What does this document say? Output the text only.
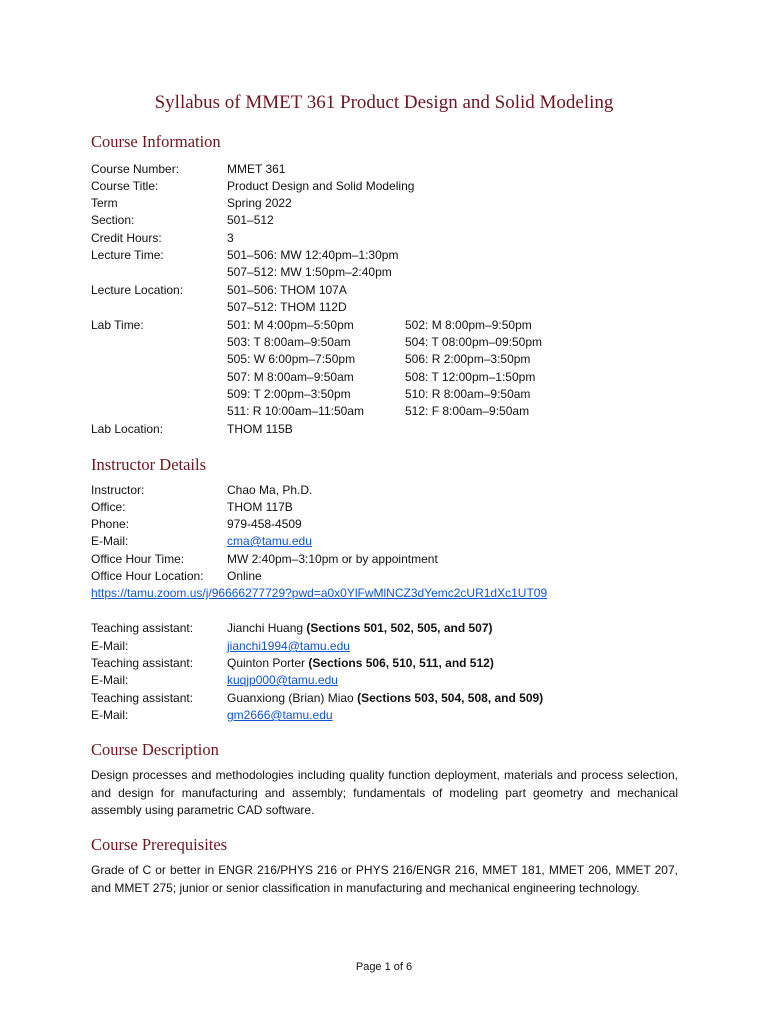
Syllabus of MMET 361 Product Design and Solid Modeling
Course Information
Course Number:	MMET 361
Course Title:	Product Design and Solid Modeling
Term	Spring 2022
Section:	501–512
Credit Hours:	3
Lecture Time:	501–506: MW 12:40pm–1:30pm
507–512: MW 1:50pm–2:40pm
Lecture Location:	501–506: THOM 107A
507–512: THOM 112D
Lab Time:	501: M 4:00pm–5:50pm	502: M 8:00pm–9:50pm
503: T 8:00am–9:50am	504: T 08:00pm–09:50pm
505: W 6:00pm–7:50pm	506: R 2:00pm–3:50pm
507: M 8:00am–9:50am	508: T 12:00pm–1:50pm
509: T 2:00pm–3:50pm	510: R 8:00am–9:50am
511: R 10:00am–11:50am	512: F 8:00am–9:50am
Lab Location:	THOM 115B
Instructor Details
Instructor:	Chao Ma, Ph.D.
Office:	THOM 117B
Phone:	979-458-4509
E-Mail:	cma@tamu.edu
Office Hour Time:	MW 2:40pm–3:10pm or by appointment
Office Hour Location: Online
https://tamu.zoom.us/j/96666277729?pwd=a0x0YlFwMlNCZ3dYemc2cUR1dXc1UT09
Teaching assistant:	Jianchi Huang (Sections 501, 502, 505, and 507)
E-Mail:	jianchi1994@tamu.edu
Teaching assistant:	Quinton Porter (Sections 506, 510, 511, and 512)
E-Mail:	kuqjp000@tamu.edu
Teaching assistant:	Guanxiong (Brian) Miao (Sections 503, 504, 508, and 509)
E-Mail:	gm2666@tamu.edu
Course Description
Design processes and methodologies including quality function deployment, materials and process selection, and design for manufacturing and assembly; fundamentals of modeling part geometry and mechanical assembly using parametric CAD software.
Course Prerequisites
Grade of C or better in ENGR 216/PHYS 216 or PHYS 216/ENGR 216, MMET 181, MMET 206, MMET 207, and MMET 275; junior or senior classification in manufacturing and mechanical engineering technology.
Page 1 of 6
